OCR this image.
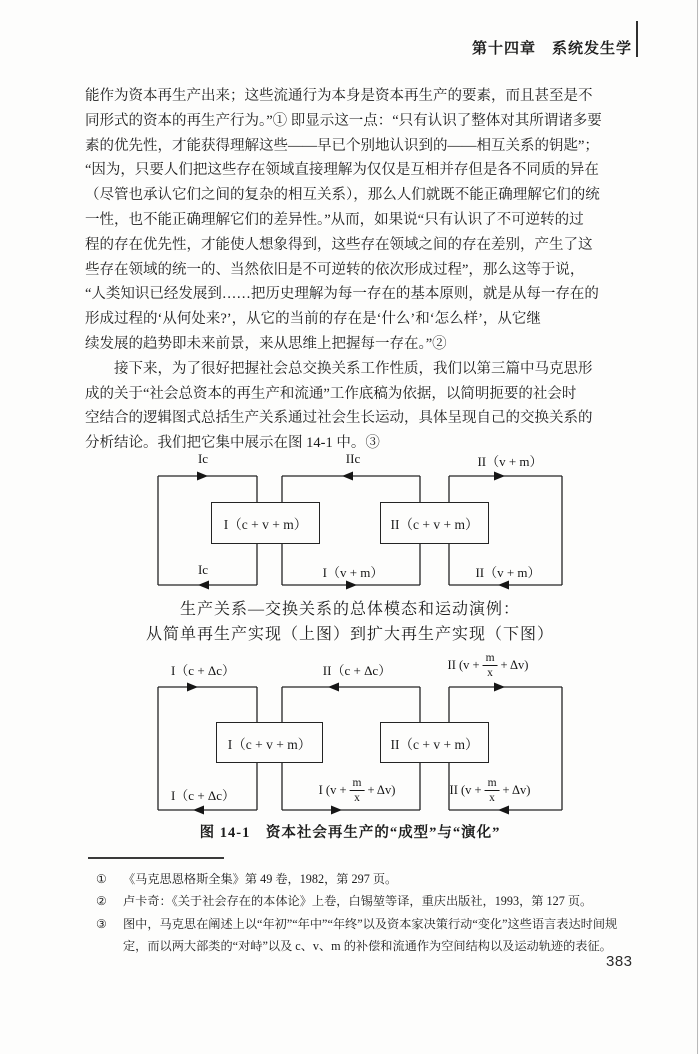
第十四章　系统发生学
能作为资本再生产出来；这些流通行为本身是资本再生产的要素，而且甚至是不
同形式的资本的再生产行为。”① 即显示这一点：“只有认识了整体对其所谓诸多要
素的优先性，才能获得理解这些——早已个别地认识到的——相互关系的钥匙”；
“因为，只要人们把这些存在领域直接理解为仅仅是互相并存但是各不同质的异在
（尽管也承认它们之间的复杂的相互关系），那么人们就既不能正确理解它们的统
一性，也不能正确理解它们的差异性。”从而，如果说“只有认识了不可逆转的过
程的存在优先性，才能使人想象得到，这些存在领域之间的存在差别，产生了这
些存在领域的统一的、当然依旧是不可逆转的依次形成过程”，那么这等于说，
“人类知识已经发展到……把历史理解为每一存在的基本原则，就是从每一存在的
形成过程的‘从何处来?’，从它的当前的存在是‘什么’和‘怎么样’，从它继
续发展的趋势即未来前景，来从思维上把握每一存在。”②
接下来，为了很好把握社会总交换关系工作性质，我们以第三篇中马克思形
成的关于“社会总资本的再生产和流通”工作底稿为依据，以简明扼要的社会时
空结合的逻辑图式总括生产关系通过社会生长运动，具体呈现自己的交换关系的
分析结论。我们把它集中展示在图 14-1 中。③
I（c + v + m）	II（c + v + m）
Ic	IIc	II（v + m）
Ic	I（v + m）	II（v + m）
生产关系—交换关系的总体模态和运动演例：
从简单再生产实现（上图）到扩大再生产实现（下图）
I（c + v + m）	II（c + v + m）
I（c + Δc）	II（c + Δc）	II $(v + \frac{m}{x} + \Delta v)$
I（c + Δc）	I $(v + \frac{m}{x} + \Delta v)$	II $(v + \frac{m}{x} + \Delta v)$
图 14-1　资本社会再生产的“成型”与“演化”
① 《马克思恩格斯全集》第 49 卷，1982，第 297 页。
② 卢卡奇：《关于社会存在的本体论》上卷，白锡堃等译，重庆出版社，1993，第 127 页。
③ 图中，马克思在阐述上以“年初”“年中”“年终”以及资本家决策行动“变化”这些语言表达时间规定，而以两大部类的“对峙”以及 c、v、m 的补偿和流通作为空间结构以及运动轨迹的表征。
383
